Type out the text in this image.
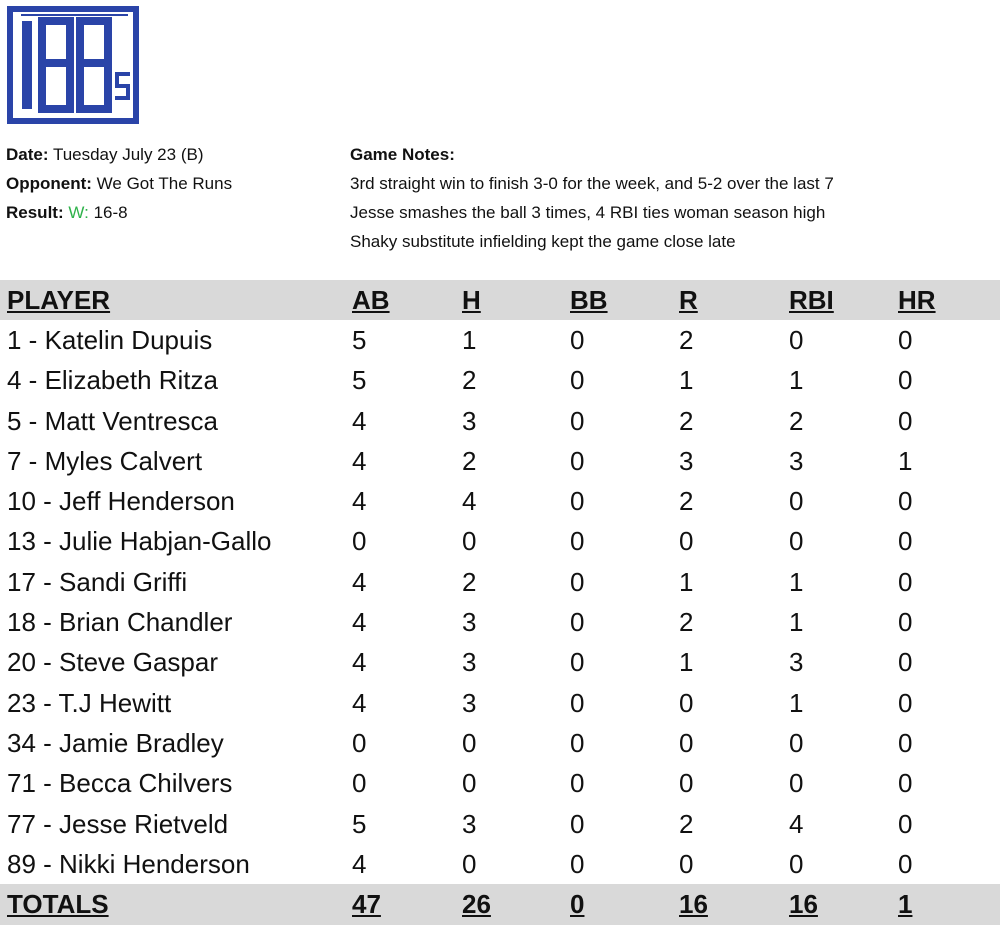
Date: Tuesday July 23 (B)
Opponent: We Got The Runs
Result: W: 16-8
Game Notes:
3rd straight win to finish 3-0 for the week, and 5-2 over the last 7
Jesse smashes the ball 3 times, 4 RBI ties woman season high
Shaky substitute infielding kept the game close late
PLAYER	AB	H	BB	R	RBI	HR
1 - Katelin Dupuis	5	1	0	2	0	0
4 - Elizabeth Ritza	5	2	0	1	1	0
5 - Matt Ventresca	4	3	0	2	2	0
7 - Myles Calvert	4	2	0	3	3	1
10 - Jeff Henderson	4	4	0	2	0	0
13 - Julie Habjan-Gallo	0	0	0	0	0	0
17 - Sandi Griffi	4	2	0	1	1	0
18 - Brian Chandler	4	3	0	2	1	0
20 - Steve Gaspar	4	3	0	1	3	0
23 - T.J Hewitt	4	3	0	0	1	0
34 - Jamie Bradley	0	0	0	0	0	0
71 - Becca Chilvers	0	0	0	0	0	0
77 - Jesse Rietveld	5	3	0	2	4	0
89 - Nikki Henderson	4	0	0	0	0	0
TOTALS	47	26	0	16	16	1
